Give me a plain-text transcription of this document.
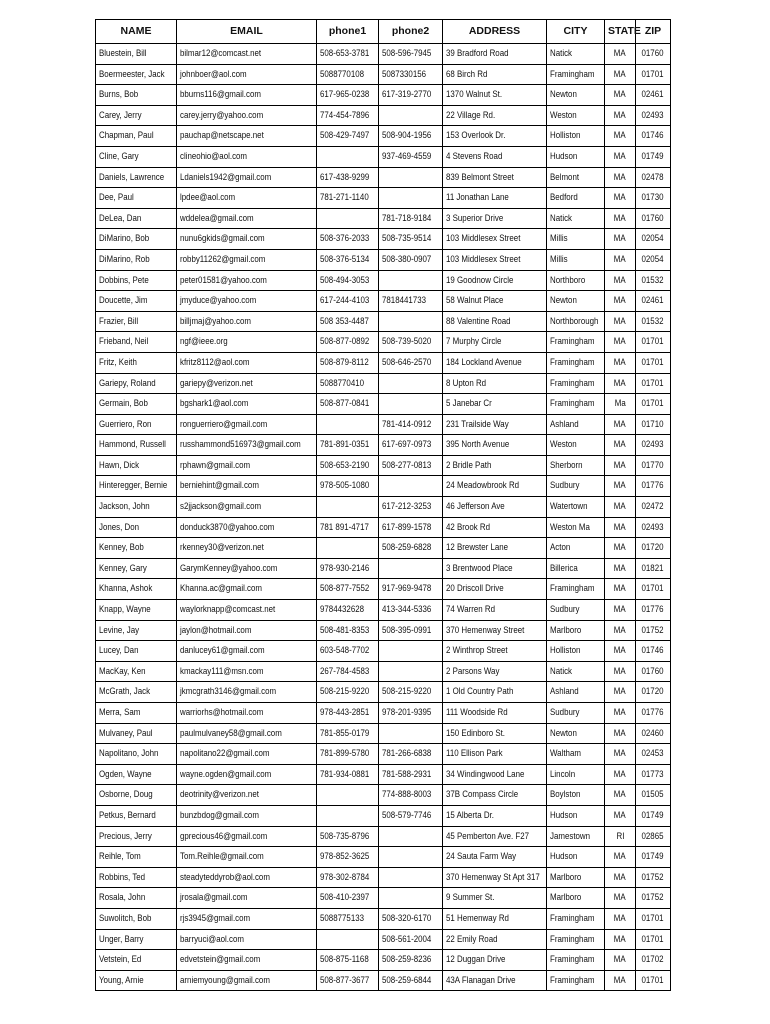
NAME	EMAIL	phone1	phone2	ADDRESS	CITY	STATE	ZIP
Bluestein, Bill	bilmar12@comcast.net	508-653-3781	508-596-7945	39 Bradford Road	Natick	MA	01760
Boermeester, Jack	johnboer@aol.com	5088770108	5087330156	68 Birch Rd	Framingham	MA	01701
Burns, Bob	bburns116@gmail.com	617-965-0238	617-319-2770	1370 Walnut St.	Newton	MA	02461
Carey, Jerry	carey.jerry@yahoo.com	774-454-7896		22 Village Rd.	Weston	MA	02493
Chapman, Paul	pauchap@netscape.net	508-429-7497	508-904-1956	153 Overlook Dr.	Holliston	MA	01746
Cline, Gary	clineohio@aol.com		937-469-4559	4 Stevens Road	Hudson	MA	01749
Daniels, Lawrence	Ldaniels1942@gmail.com	617-438-9299		839 Belmont Street	Belmont	MA	02478
Dee, Paul	lpdee@aol.com	781-271-1140		11 Jonathan Lane	Bedford	MA	01730
DeLea, Dan	wddelea@gmail.com		781-718-9184	3 Superior Drive	Natick	MA	01760
DiMarino, Bob	nunu6gkids@gmail.com	508-376-2033	508-735-9514	103 Middlesex Street	Millis	MA	02054
DiMarino, Rob	robby11262@gmail.com	508-376-5134	508-380-0907	103 Middlesex Street	Millis	MA	02054
Dobbins, Pete	peter01581@yahoo.com	508-494-3053		19 Goodnow Circle	Northboro	MA	01532
Doucette, Jim	jmyduce@yahoo.com	617-244-4103	7818441733	58 Walnut Place	Newton	MA	02461
Frazier, Bill	billjmaj@yahoo.com	508 353-4487		88 Valentine Road	Northborough	MA	01532
Frieband, Neil	ngf@ieee.org	508-877-0892	508-739-5020	7 Murphy Circle	Framingham	MA	01701
Fritz, Keith	kfritz8112@aol.com	508-879-8112	508-646-2570	184 Lockland Avenue	Framingham	MA	01701
Gariepy, Roland	gariepy@verizon.net	5088770410		8 Upton Rd	Framingham	MA	01701
Germain, Bob	bgshark1@aol.com	508-877-0841		5 Janebar Cr	Framingham	Ma	01701
Guerriero, Ron	ronguerriero@gmail.com		781-414-0912	231 Trailside Way	Ashland	MA	01710
Hammond, Russell	russhammond516973@gmail.com	781-891-0351	617-697-0973	395 North Avenue	Weston	MA	02493
Hawn, Dick	rphawn@gmail.com	508-653-2190	508-277-0813	2 Bridle Path	Sherborn	MA	01770
Hinteregger, Bernie	berniehint@gmail.com	978-505-1080		24 Meadowbrook Rd	Sudbury	MA	01776
Jackson, John	s2jjackson@gmail.com		617-212-3253	46 Jefferson Ave	Watertown	MA	02472
Jones, Don	donduck3870@yahoo.com	781 891-4717	617-899-1578	42 Brook Rd	Weston Ma	MA	02493
Kenney, Bob	rkenney30@verizon.net		508-259-6828	12 Brewster Lane	Acton	MA	01720
Kenney, Gary	GarymKenney@yahoo.com	978-930-2146		3 Brentwood Place	Billerica	MA	01821
Khanna, Ashok	Khanna.ac@gmail.com	508-877-7552	917-969-9478	20 Driscoll Drive	Framingham	MA	01701
Knapp, Wayne	waylorknapp@comcast.net	9784432628	413-344-5336	74 Warren Rd	Sudbury	MA	01776
Levine, Jay	jaylon@hotmail.com	508-481-8353	508-395-0991	370 Hemenway Street	Marlboro	MA	01752
Lucey, Dan	danlucey61@gmail.com	603-548-7702		2 Winthrop Street	Holliston	MA	01746
MacKay, Ken	kmackay111@msn.com	267-784-4583		2 Parsons Way	Natick	MA	01760
McGrath, Jack	jkmcgrath3146@gmail.com	508-215-9220	508-215-9220	1 Old Country Path	Ashland	MA	01720
Merra, Sam	warriorhs@hotmail.com	978-443-2851	978-201-9395	111 Woodside Rd	Sudbury	MA	01776
Mulvaney, Paul	paulmulvaney58@gmail.com	781-855-0179		150 Edinboro St.	Newton	MA	02460
Napolitano, John	napolitano22@gmail.com	781-899-5780	781-266-6838	110 Ellison Park	Waltham	MA	02453
Ogden, Wayne	wayne.ogden@gmail.com	781-934-0881	781-588-2931	34 Windingwood Lane	Lincoln	MA	01773
Osborne, Doug	deotrinity@verizon.net		774-888-8003	37B Compass Circle	Boylston	MA	01505
Petkus, Bernard	bunzbdog@gmail.com		508-579-7746	15 Alberta Dr.	Hudson	MA	01749
Precious, Jerry	gprecious46@gmail.com	508-735-8796		45 Pemberton Ave. F27	Jamestown	RI	02865
Reihle, Tom	Tom.Reihle@gmail.com	978-852-3625		24 Sauta Farm Way	Hudson	MA	01749
Robbins, Ted	steadyteddyrob@aol.com	978-302-8784		370 Hemenway St Apt 317	Marlboro	MA	01752
Rosala, John	jrosala@gmail.com	508-410-2397		9 Summer St.	Marlboro	MA	01752
Suwolitch, Bob	rjs3945@gmail.com	5088775133	508-320-6170	51 Hemenway Rd	Framingham	MA	01701
Unger, Barry	barryuci@aol.com		508-561-2004	22 Emily Road	Framingham	MA	01701
Vetstein, Ed	edvetstein@gmail.com	508-875-1168	508-259-8236	12 Duggan Drive	Framingham	MA	01702
Young, Arnie	arniemyoung@gmail.com	508-877-3677	508-259-6844	43A Flanagan Drive	Framingham	MA	01701
